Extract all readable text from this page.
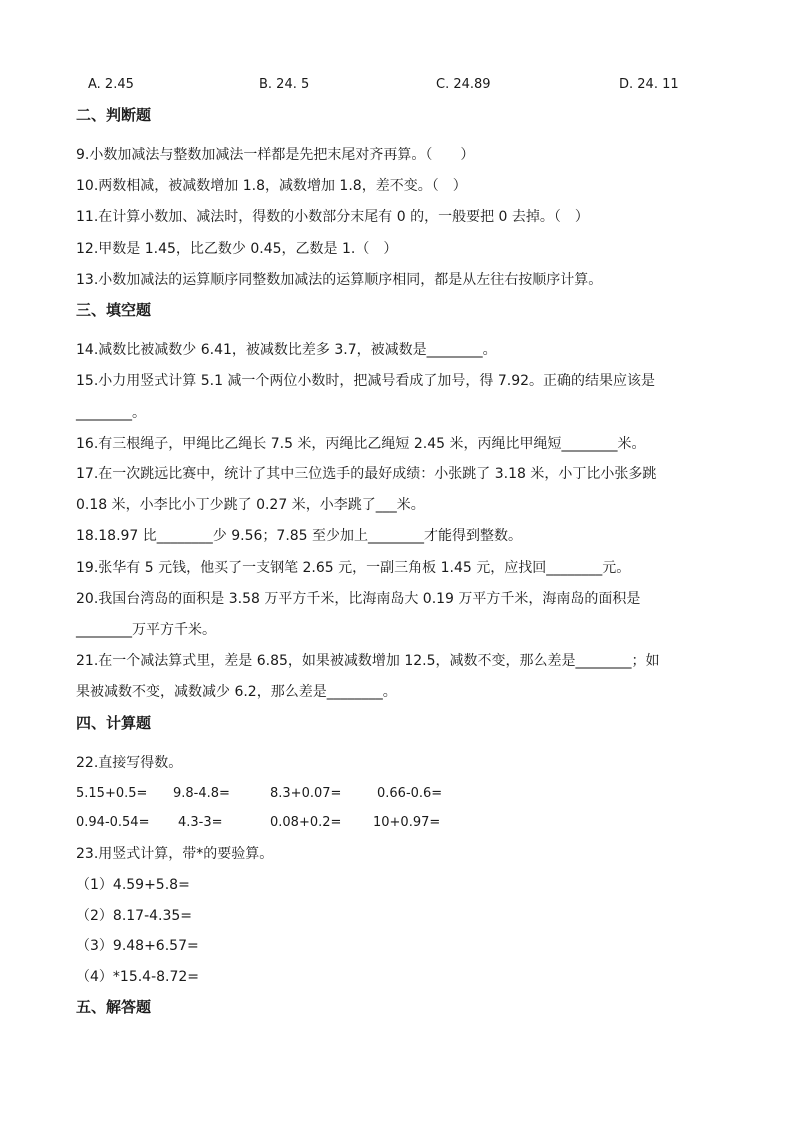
A. 2.45	B. 24. 5	C. 24.89	D. 24. 11
二、判断题
9.小数加减法与整数加减法一样都是先把末尾对齐再算。（　　）
10.两数相减，被减数增加 1.8，减数增加 1.8，差不变。（　）
11.在计算小数加、减法时，得数的小数部分末尾有 0 的，一般要把 0 去掉。（　）
12.甲数是 1.45，比乙数少 0.45，乙数是 1.（　）
13.小数加减法的运算顺序同整数加减法的运算顺序相同，都是从左往右按顺序计算。
三、填空题
14.减数比被减数少 6.41，被减数比差多 3.7，被减数是________。
15.小力用竖式计算 5.1 减一个两位小数时，把减号看成了加号，得 7.92。正确的结果应该是
________。
16.有三根绳子，甲绳比乙绳长 7.5 米，丙绳比乙绳短 2.45 米，丙绳比甲绳短________米。
17.在一次跳远比赛中，统计了其中三位选手的最好成绩：小张跳了 3.18 米，小丁比小张多跳
0.18 米，小李比小丁少跳了 0.27 米，小李跳了___米。
18.18.97 比________少 9.56；7.85 至少加上________才能得到整数。
19.张华有 5 元钱，他买了一支钢笔 2.65 元，一副三角板 1.45 元，应找回________元。
20.我国台湾岛的面积是 3.58 万平方千米，比海南岛大 0.19 万平方千米，海南岛的面积是
________万平方千米。
21.在一个减法算式里，差是 6.85，如果被减数增加 12.5，减数不变，那么差是________；如
果被减数不变，减数减少 6.2，那么差是________。
四、计算题
22.直接写得数。
5.15+0.5= 9.8-4.8=	8.3+0.07=	0.66-0.6=
0.94-0.54= 4.3-3=	0.08+0.2= 10+0.97=
23.用竖式计算，带*的要验算。
（1）4.59+5.8=
（2）8.17-4.35=
（3）9.48+6.57=
（4）*15.4-8.72=
五、解答题
